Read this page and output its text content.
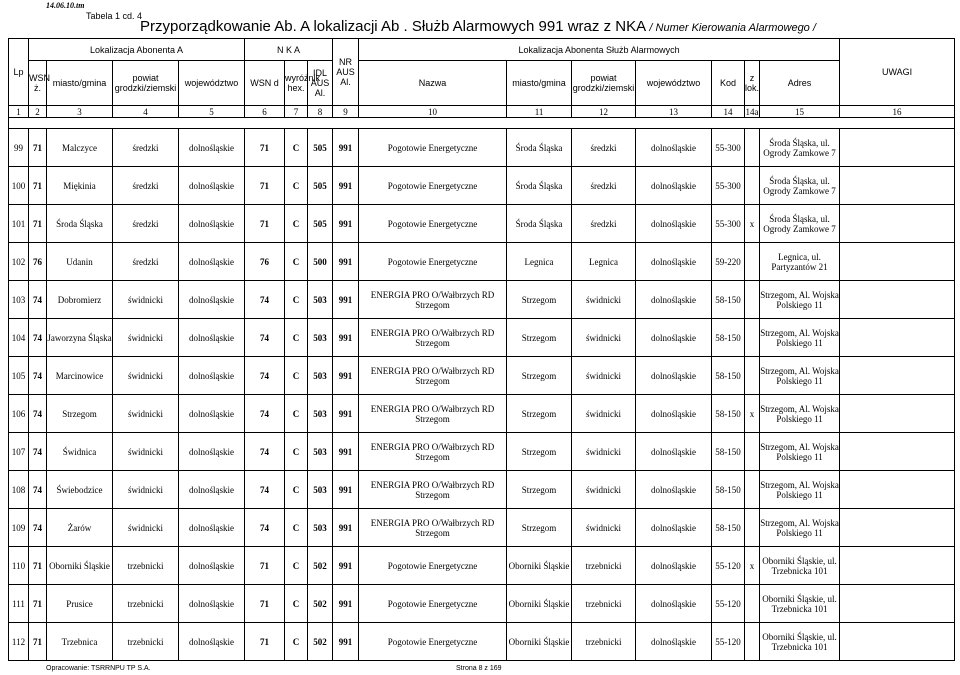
14.06.10.tm
Tabela 1 cd. 4
Przyporządkowanie Ab. A lokalizacji Ab . Służb Alarmowych 991 wraz z NKA / Numer Kierowania Alarmowego /
Lp	Lokalizacja Abonenta A				N K A			NR AUS Al.	Lokalizacja Abonenta Służb Alarmowych							UWAGI
	WSN ż.	miasto/gmina	powiat grodzki/ziemski	województwo	WSN d	wyróżnik hex.	IDL AUS Al.		Nazwa	miasto/gmina	powiat grodzki/ziemski	województwo	Kod	z lok.	Adres	
1	2	3	4	5	6	7	8	9	10	11	12	13	14	14a	15	16

99	71	Malczyce	średzki	dolnośląskie	71	C	505	991	Pogotowie Energetyczne	Środa Śląska	średzki	dolnośląskie	55-300		Środa Śląska, ul. Ogrody Zamkowe 7	
100	71	Miękinia	średzki	dolnośląskie	71	C	505	991	Pogotowie Energetyczne	Środa Śląska	średzki	dolnośląskie	55-300		Środa Śląska, ul. Ogrody Zamkowe 7	
101	71	Środa Śląska	średzki	dolnośląskie	71	C	505	991	Pogotowie Energetyczne	Środa Śląska	średzki	dolnośląskie	55-300	x	Środa Śląska, ul. Ogrody Zamkowe 7	
102	76	Udanin	średzki	dolnośląskie	76	C	500	991	Pogotowie Energetyczne	Legnica	Legnica	dolnośląskie	59-220		Legnica, ul. Partyzantów 21	
103	74	Dobromierz	świdnicki	dolnośląskie	74	C	503	991	ENERGIA PRO O/Wałbrzych RD Strzegom	Strzegom	świdnicki	dolnośląskie	58-150		Strzegom, Al. Wojska Polskiego 11	
104	74	Jaworzyna Śląska	świdnicki	dolnośląskie	74	C	503	991	ENERGIA PRO O/Wałbrzych RD Strzegom	Strzegom	świdnicki	dolnośląskie	58-150		Strzegom, Al. Wojska Polskiego 11	
105	74	Marcinowice	świdnicki	dolnośląskie	74	C	503	991	ENERGIA PRO O/Wałbrzych RD Strzegom	Strzegom	świdnicki	dolnośląskie	58-150		Strzegom, Al. Wojska Polskiego 11	
106	74	Strzegom	świdnicki	dolnośląskie	74	C	503	991	ENERGIA PRO O/Wałbrzych RD Strzegom	Strzegom	świdnicki	dolnośląskie	58-150	x	Strzegom, Al. Wojska Polskiego 11	
107	74	Świdnica	świdnicki	dolnośląskie	74	C	503	991	ENERGIA PRO O/Wałbrzych RD Strzegom	Strzegom	świdnicki	dolnośląskie	58-150		Strzegom, Al. Wojska Polskiego 11	
108	74	Świebodzice	świdnicki	dolnośląskie	74	C	503	991	ENERGIA PRO O/Wałbrzych RD Strzegom	Strzegom	świdnicki	dolnośląskie	58-150		Strzegom, Al. Wojska Polskiego 11	
109	74	Żarów	świdnicki	dolnośląskie	74	C	503	991	ENERGIA PRO O/Wałbrzych RD Strzegom	Strzegom	świdnicki	dolnośląskie	58-150		Strzegom, Al. Wojska Polskiego 11	
110	71	Oborniki Śląskie	trzebnicki	dolnośląskie	71	C	502	991	Pogotowie Energetyczne	Oborniki Śląskie	trzebnicki	dolnośląskie	55-120	x	Oborniki Śląskie, ul. Trzebnicka 101	
111	71	Prusice	trzebnicki	dolnośląskie	71	C	502	991	Pogotowie Energetyczne	Oborniki Śląskie	trzebnicki	dolnośląskie	55-120		Oborniki Śląskie, ul. Trzebnicka 101	
112	71	Trzebnica	trzebnicki	dolnośląskie	71	C	502	991	Pogotowie Energetyczne	Oborniki Śląskie	trzebnicki	dolnośląskie	55-120		Oborniki Śląskie, ul. Trzebnicka 101	
Opracowanie: TSRRNPU TP S.A.	Strona 8 z 169
